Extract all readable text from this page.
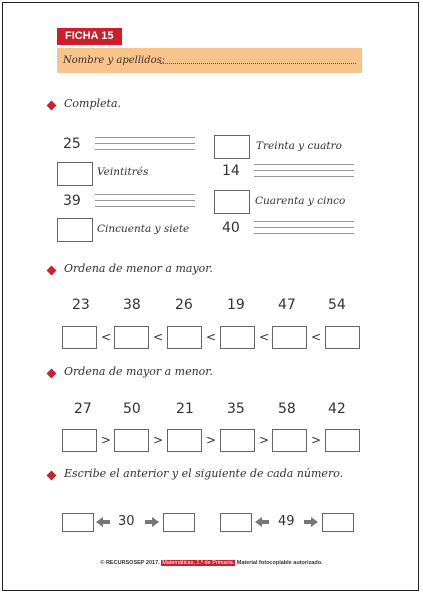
FICHA 15
Nombre y apellidos:
Completa.
25	Treinta y cuatro
Veintitrés	14
39	Cuarenta y cinco
Cincuenta y siete 40
Ordena de menor a mayor.
23 38 26 19 47 54
<	<	<	<	<
Ordena de mayor a menor.
27 50	21 35 58 42
>	>	>	>	>
Escribe el anterior y el siguiente de cada número.
30	49
© RECURSOSEP 2017. Matemáticas, 1.º de Primaria. Material fotocopiable autorizado.
